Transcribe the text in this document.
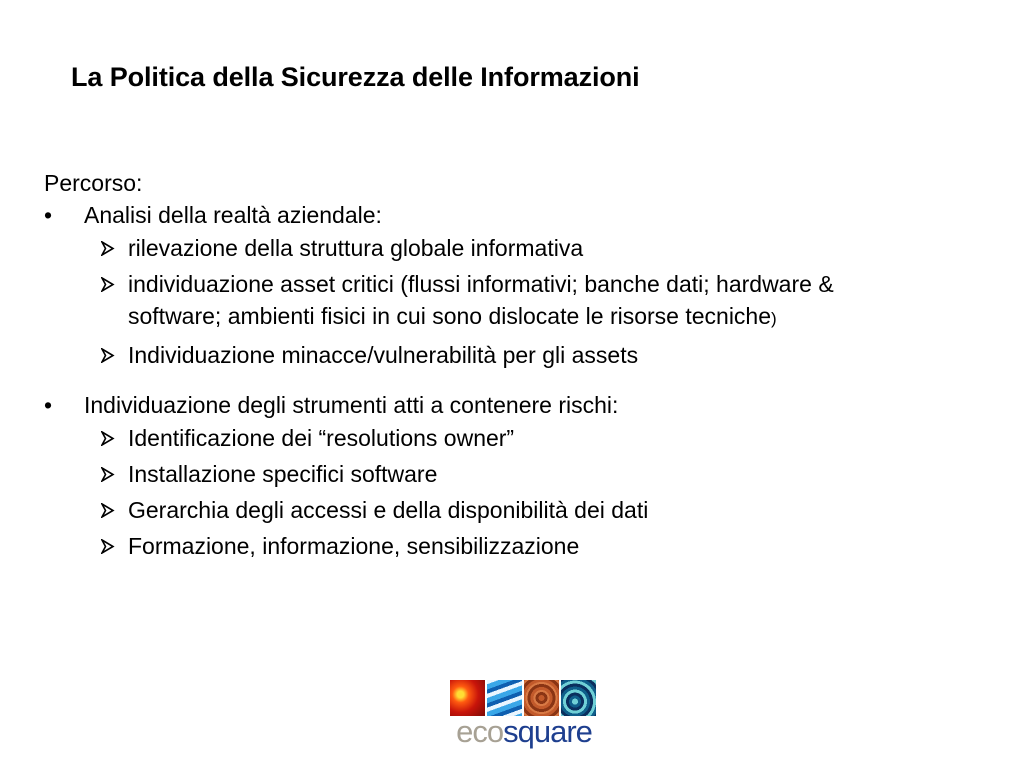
La Politica della Sicurezza delle Informazioni
Percorso:
•	Analisi della realtà aziendale:
rilevazione della struttura globale informativa
individuazione asset critici (flussi informativi; banche dati; hardware & software; ambienti fisici in cui sono dislocate le risorse tecniche)
Individuazione minacce/vulnerabilità per gli assets
•	Individuazione degli strumenti atti a contenere rischi:
Identificazione dei “resolutions owner”
Installazione specifici software
Gerarchia degli accessi e della disponibilità dei dati
Formazione, informazione, sensibilizzazione
ecosquare
